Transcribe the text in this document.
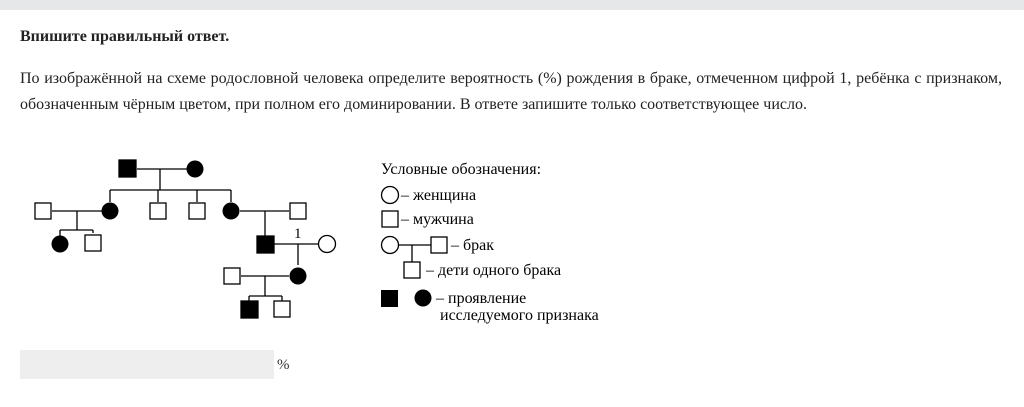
Впишите правильный ответ.

По изображённой на схеме родословной человека определите вероятность (%) рождения в браке, отмеченном цифрой 1, ребёнка с признаком, обозначенным чёрным цветом, при полном его доминировании. В ответе запишите только соответствующее число.

1
Условные обозначения:
– женщина
– мужчина
– брак
– дети одного брака
– проявление
исследуемого признака
%
